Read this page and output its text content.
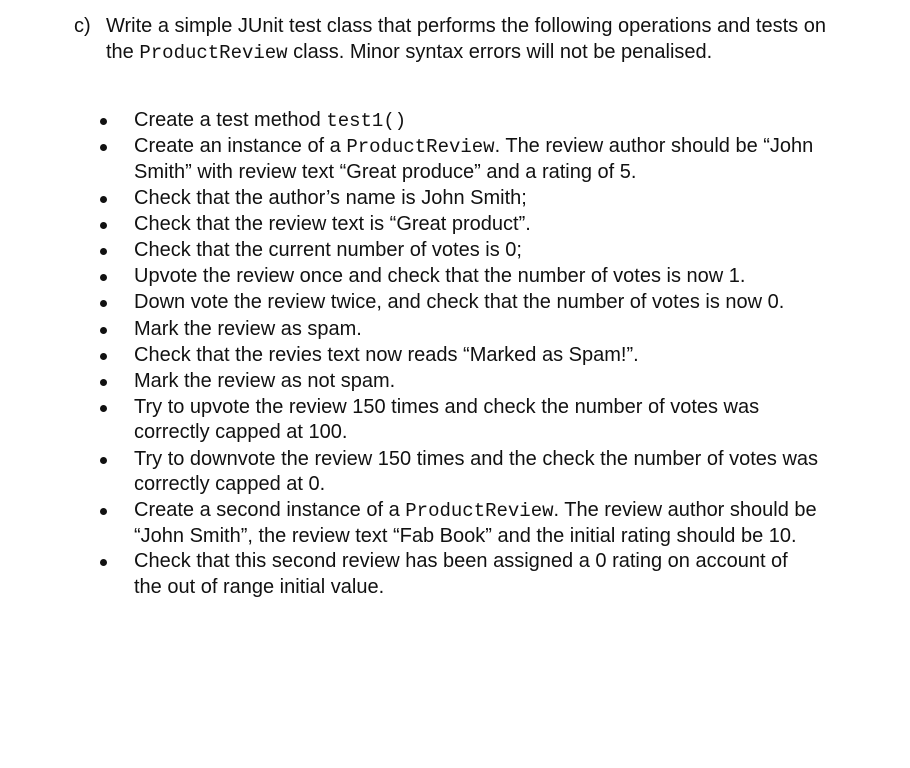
c) Write a simple JUnit test class that performs the following operations and tests on the ProductReview class. Minor syntax errors will not be penalised.
Create a test method test1()
Create an instance of a ProductReview. The review author should be “John Smith” with review text “Great produce” and a rating of 5.
Check that the author’s name is John Smith;
Check that the review text is “Great product”.
Check that the current number of votes is 0;
Upvote the review once and check that the number of votes is now 1.
Down vote the review twice, and check that the number of votes is now 0.
Mark the review as spam.
Check that the revies text now reads “Marked as Spam!”.
Mark the review as not spam.
Try to upvote the review 150 times and check the number of votes was correctly capped at 100.
Try to downvote the review 150 times and the check the number of votes was correctly capped at 0.
Create a second instance of a ProductReview. The review author should be “John Smith”, the review text “Fab Book” and the initial rating should be 10.
Check that this second review has been assigned a 0 rating on account of the out of range initial value.
